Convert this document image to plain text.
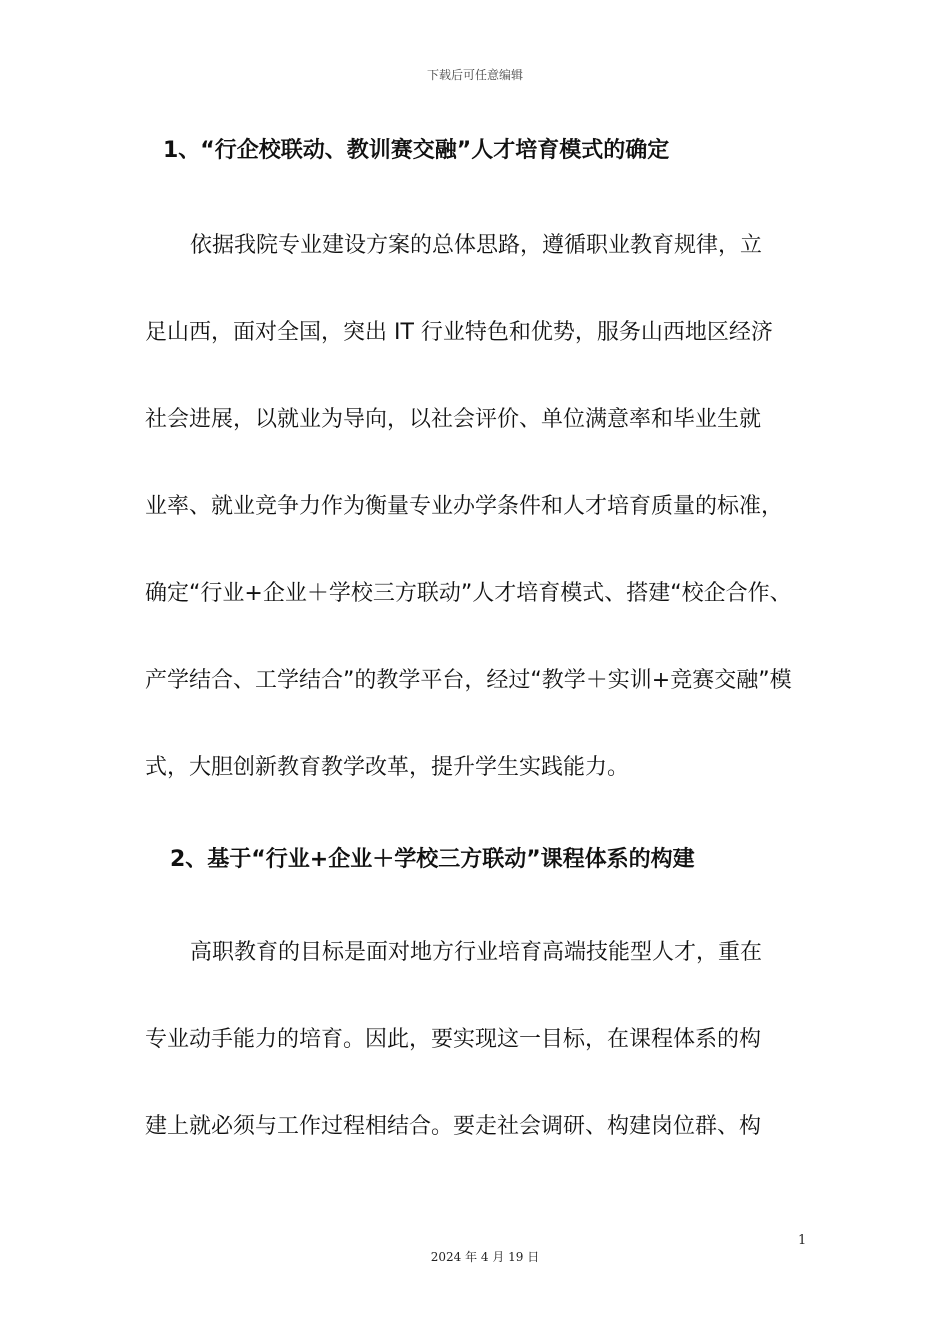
下载后可任意编辑
1、“行企校联动、教训赛交融”人才培育模式的确定
依据我院专业建设方案的总体思路，遵循职业教育规律，立
足山西，面对全国，突出 IT 行业特色和优势，服务山西地区经济
社会进展，以就业为导向，以社会评价、单位满意率和毕业生就
业率、就业竞争力作为衡量专业办学条件和人才培育质量的标准，
确定“行业+企业＋学校三方联动”人才培育模式、搭建“校企合作、
产学结合、工学结合”的教学平台，经过“教学＋实训+竞赛交融”模
式，大胆创新教育教学改革，提升学生实践能力。
2、基于“行业+企业＋学校三方联动”课程体系的构建
高职教育的目标是面对地方行业培育高端技能型人才，重在
专业动手能力的培育。因此，要实现这一目标，在课程体系的构
建上就必须与工作过程相结合。要走社会调研、构建岗位群、构
1
2024 年 4 月 19 日
